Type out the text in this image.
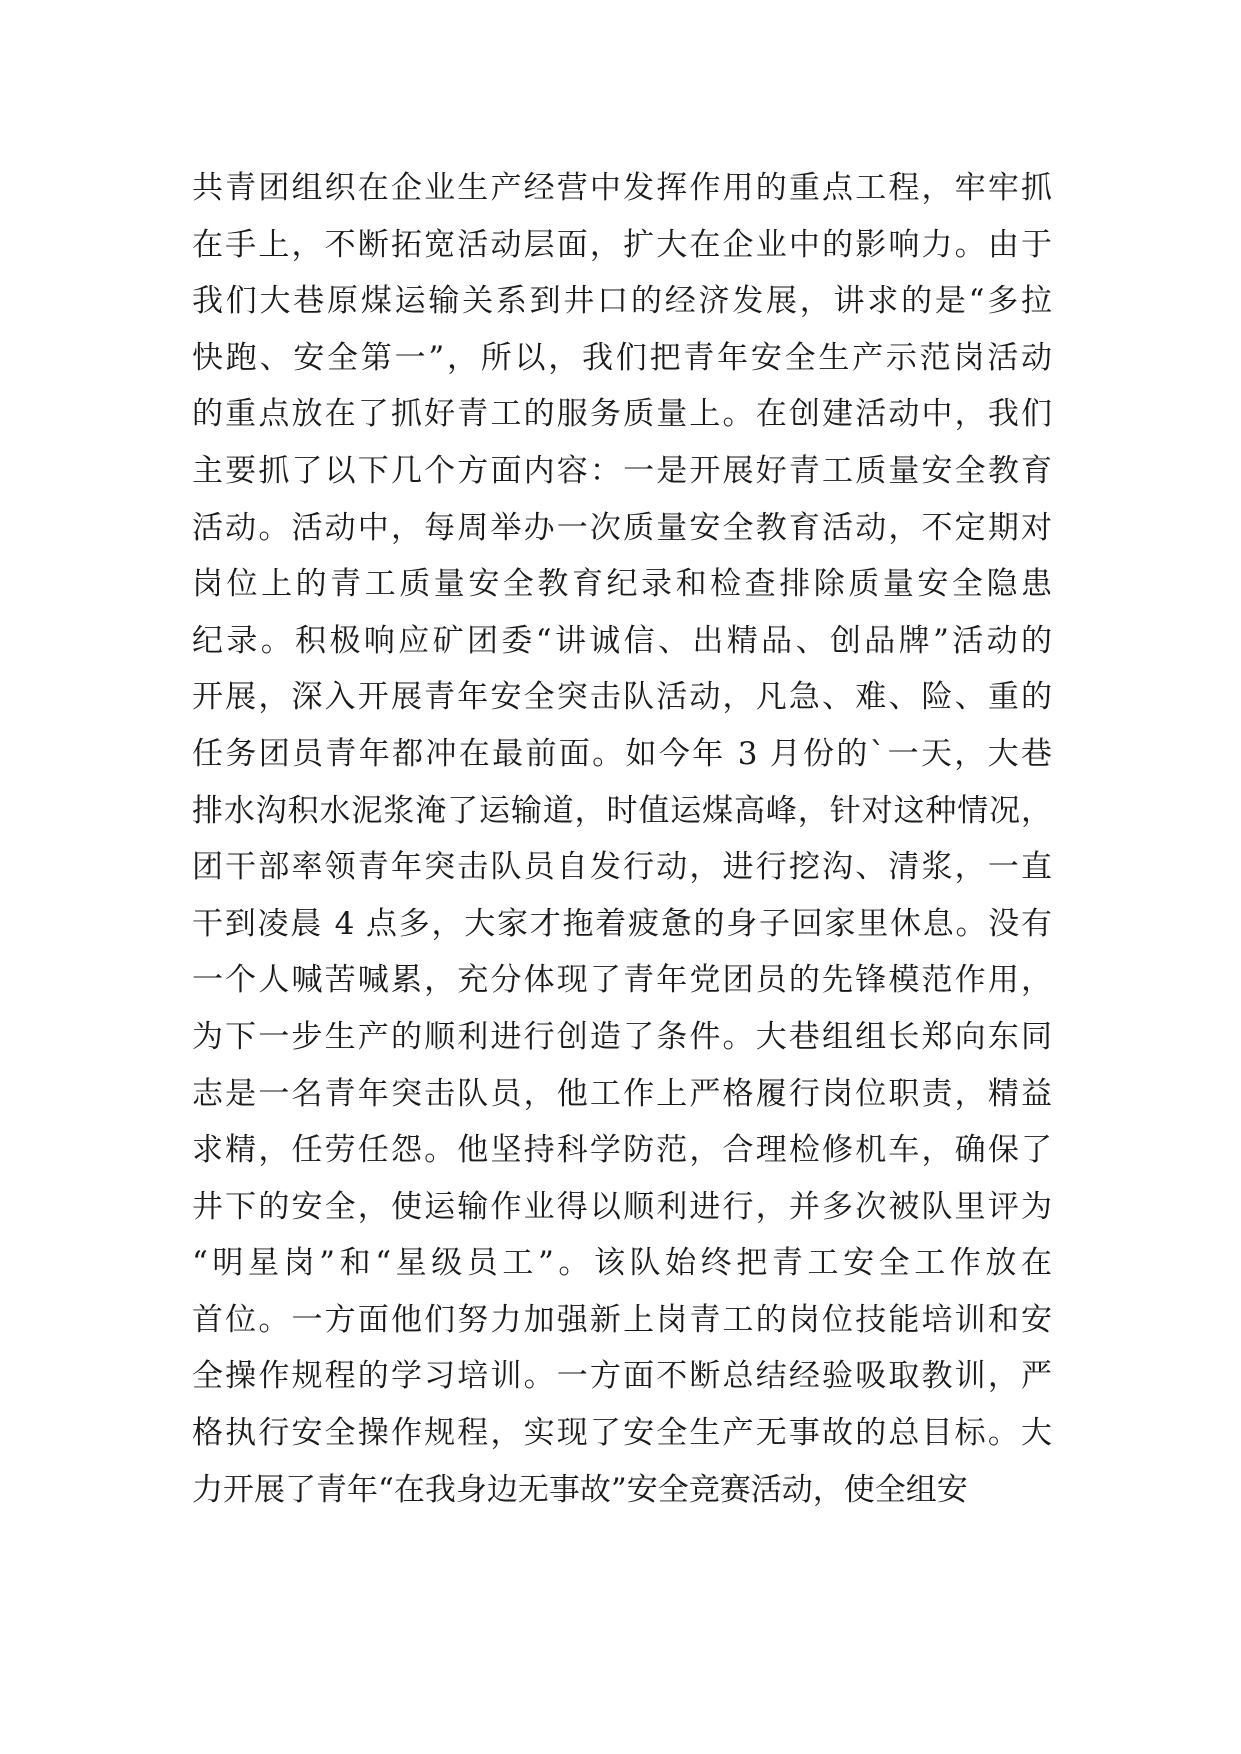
共青团组织在企业生产经营中发挥作用的重点工程，牢牢抓
在手上，不断拓宽活动层面，扩大在企业中的影响力。由于
我们大巷原煤运输关系到井口的经济发展，讲求的是“多拉
快跑、安全第一”，所以，我们把青年安全生产示范岗活动
的重点放在了抓好青工的服务质量上。在创建活动中，我们
主要抓了以下几个方面内容：一是开展好青工质量安全教育
活动。活动中，每周举办一次质量安全教育活动，不定期对
岗位上的青工质量安全教育纪录和检查排除质量安全隐患
纪录。积极响应矿团委“讲诚信、出精品、创品牌”活动的
开展，深入开展青年安全突击队活动，凡急、难、险、重的
任务团员青年都冲在最前面。如今年 3 月份的`一天，大巷
排水沟积水泥浆淹了运输道，时值运煤高峰，针对这种情况，
团干部率领青年突击队员自发行动，进行挖沟、清浆，一直
干到凌晨 4 点多，大家才拖着疲惫的身子回家里休息。没有
一个人喊苦喊累，充分体现了青年党团员的先锋模范作用，
为下一步生产的顺利进行创造了条件。大巷组组长郑向东同
志是一名青年突击队员，他工作上严格履行岗位职责，精益
求精，任劳任怨。他坚持科学防范，合理检修机车，确保了
井下的安全，使运输作业得以顺利进行，并多次被队里评为
“明星岗”和“星级员工”。该队始终把青工安全工作放在
首位。一方面他们努力加强新上岗青工的岗位技能培训和安
全操作规程的学习培训。一方面不断总结经验吸取教训，严
格执行安全操作规程，实现了安全生产无事故的总目标。大
力开展了青年“在我身边无事故”安全竞赛活动，使全组安
